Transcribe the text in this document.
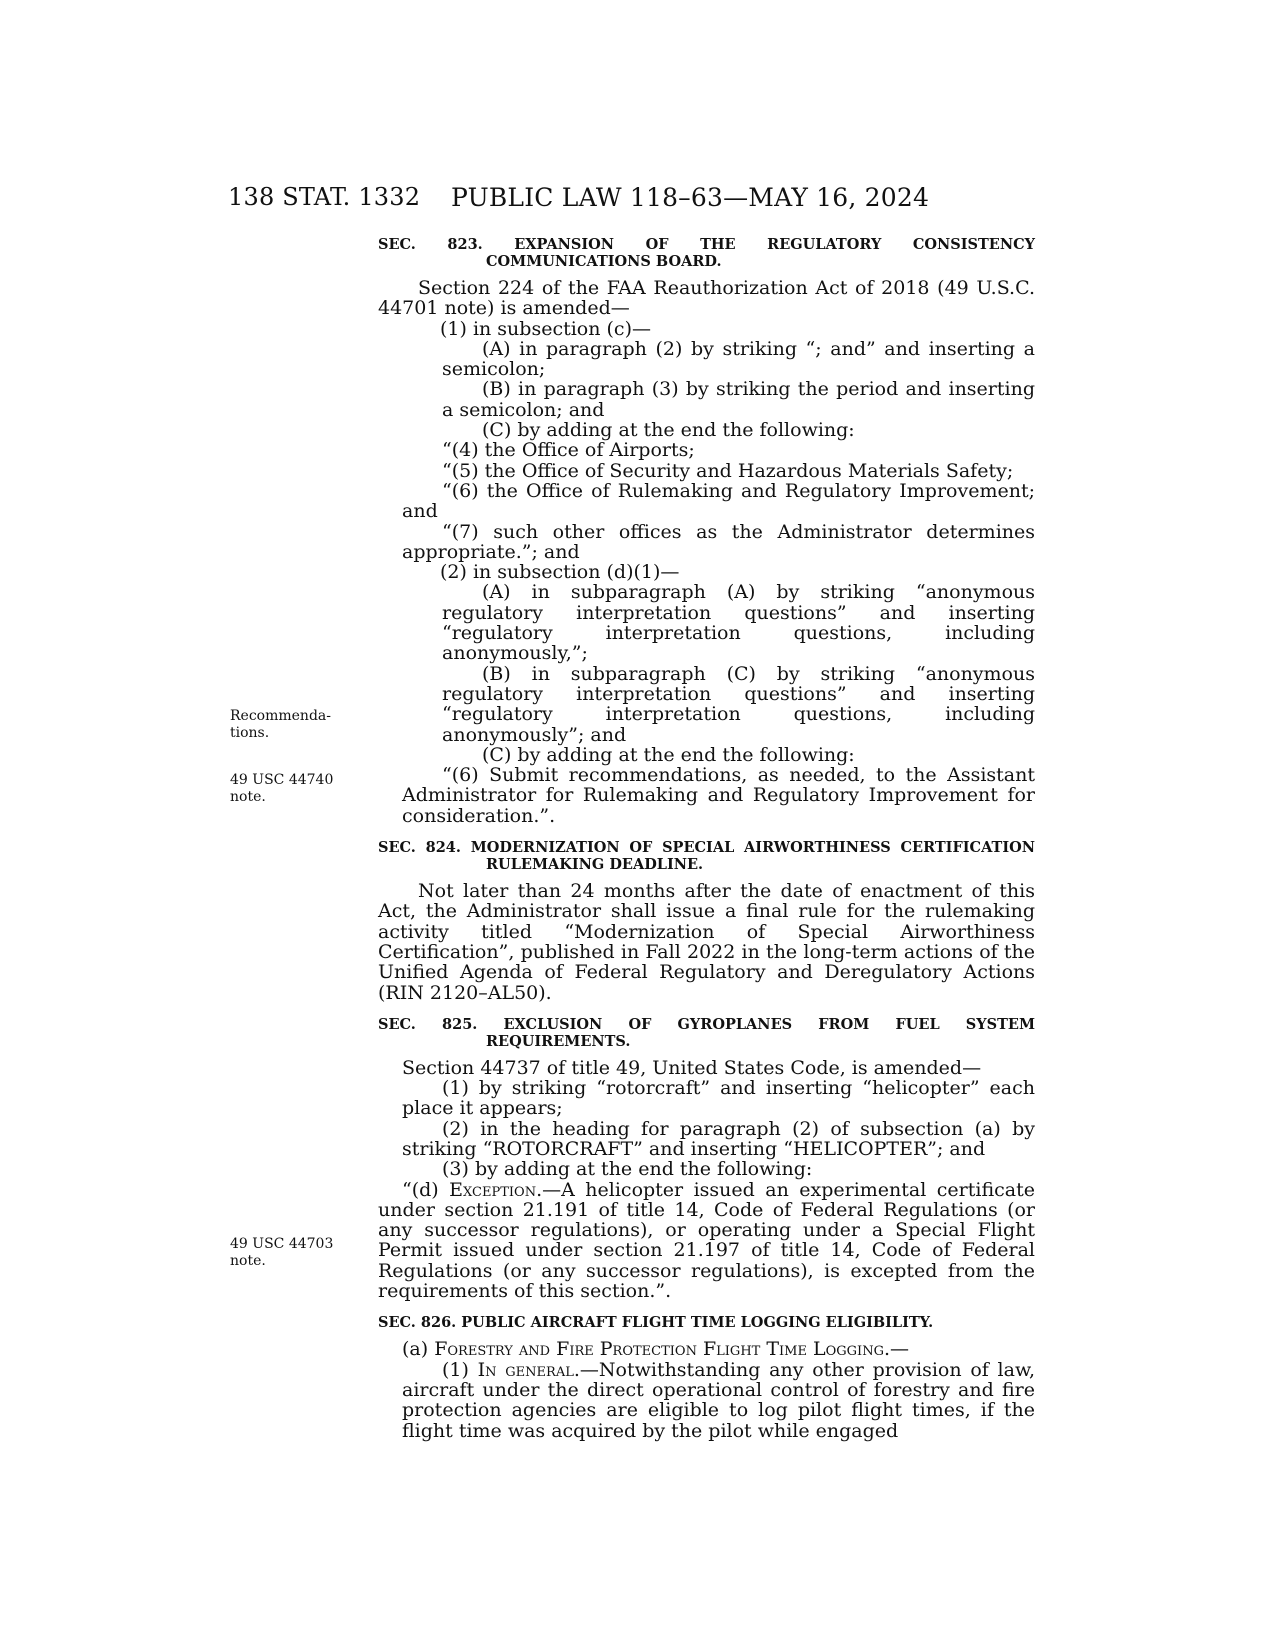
138 STAT. 1332 PUBLIC LAW 118–63—MAY 16, 2024
Recommenda-
tions.
49 USC 44740
note.
49 USC 44703
note.

SEC. 823. EXPANSION OF THE REGULATORY CONSISTENCY COMMUNICATIONS BOARD.

Section 224 of the FAA Reauthorization Act of 2018 (49 U.S.C. 44701 note) is amended—

(1) in subsection (c)—

(A) in paragraph (2) by striking “; and” and inserting a semicolon;

(B) in paragraph (3) by striking the period and inserting a semicolon; and

(C) by adding at the end the following:

“(4) the Office of Airports;

“(5) the Office of Security and Hazardous Materials Safety;

“(6) the Office of Rulemaking and Regulatory Improvement; and

“(7) such other offices as the Administrator determines appropriate.”; and

(2) in subsection (d)(1)—

(A) in subparagraph (A) by striking “anonymous regulatory interpretation questions” and inserting “regulatory interpretation questions, including anonymously,”;

(B) in subparagraph (C) by striking “anonymous regulatory interpretation questions” and inserting “regulatory interpretation questions, including anonymously”; and

(C) by adding at the end the following:

“(6) Submit recommendations, as needed, to the Assistant Administrator for Rulemaking and Regulatory Improvement for consideration.”.

SEC. 824. MODERNIZATION OF SPECIAL AIRWORTHINESS CERTIFICATION RULEMAKING DEADLINE.

Not later than 24 months after the date of enactment of this Act, the Administrator shall issue a final rule for the rulemaking activity titled “Modernization of Special Airworthiness Certification”, published in Fall 2022 in the long-term actions of the Unified Agenda of Federal Regulatory and Deregulatory Actions (RIN 2120–AL50).

SEC. 825. EXCLUSION OF GYROPLANES FROM FUEL SYSTEM REQUIREMENTS.

Section 44737 of title 49, United States Code, is amended—

(1) by striking “rotorcraft” and inserting “helicopter” each place it appears;

(2) in the heading for paragraph (2) of subsection (a) by striking “ROTORCRAFT” and inserting “HELICOPTER”; and

(3) by adding at the end the following:

“(d) Exception.—A helicopter issued an experimental certificate under section 21.191 of title 14, Code of Federal Regulations (or any successor regulations), or operating under a Special Flight Permit issued under section 21.197 of title 14, Code of Federal Regulations (or any successor regulations), is excepted from the requirements of this section.”.

SEC. 826. PUBLIC AIRCRAFT FLIGHT TIME LOGGING ELIGIBILITY.

(a) Forestry and Fire Protection Flight Time Logging.—

(1) In general.—Notwithstanding any other provision of law, aircraft under the direct operational control of forestry and fire protection agencies are eligible to log pilot flight times, if the flight time was acquired by the pilot while engaged
